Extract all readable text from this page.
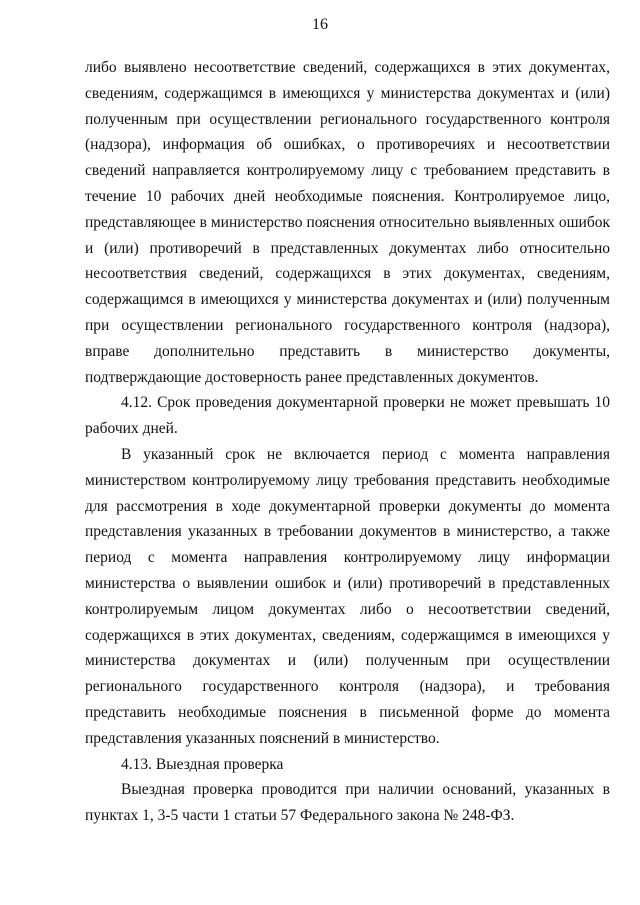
16

либо выявлено несоответствие сведений, содержащихся в этих документах, сведениям, содержащимся в имеющихся у министерства документах и (или) полученным при осуществлении регионального государственного контроля (надзора), информация об ошибках, о противоречиях и несоответствии сведений направляется контролируемому лицу с требованием представить в течение 10 рабочих дней необходимые пояснения. Контролируемое лицо, представляющее в министерство пояснения относительно выявленных ошибок и (или) противоречий в представленных документах либо относительно несоответствия сведений, содержащихся в этих документах, сведениям, содержащимся в имеющихся у министерства документах и (или) полученным при осуществлении регионального государственного контроля (надзора), вправе дополнительно представить в министерство документы, подтверждающие достоверность ранее представленных документов.

4.12. Срок проведения документарной проверки не может превышать 10 рабочих дней.

В указанный срок не включается период с момента направления министерством контролируемому лицу требования представить необходимые для рассмотрения в ходе документарной проверки документы до момента представления указанных в требовании документов в министерство, а также период с момента направления контролируемому лицу информации министерства о выявлении ошибок и (или) противоречий в представленных контролируемым лицом документах либо о несоответствии сведений, содержащихся в этих документах, сведениям, содержащимся в имеющихся у министерства документах и (или) полученным при осуществлении регионального государственного контроля (надзора), и требования представить необходимые пояснения в письменной форме до момента представления указанных пояснений в министерство.

4.13. Выездная проверка

Выездная проверка проводится при наличии оснований, указанных в пунктах 1, 3-5 части 1 статьи 57 Федерального закона № 248-ФЗ.
